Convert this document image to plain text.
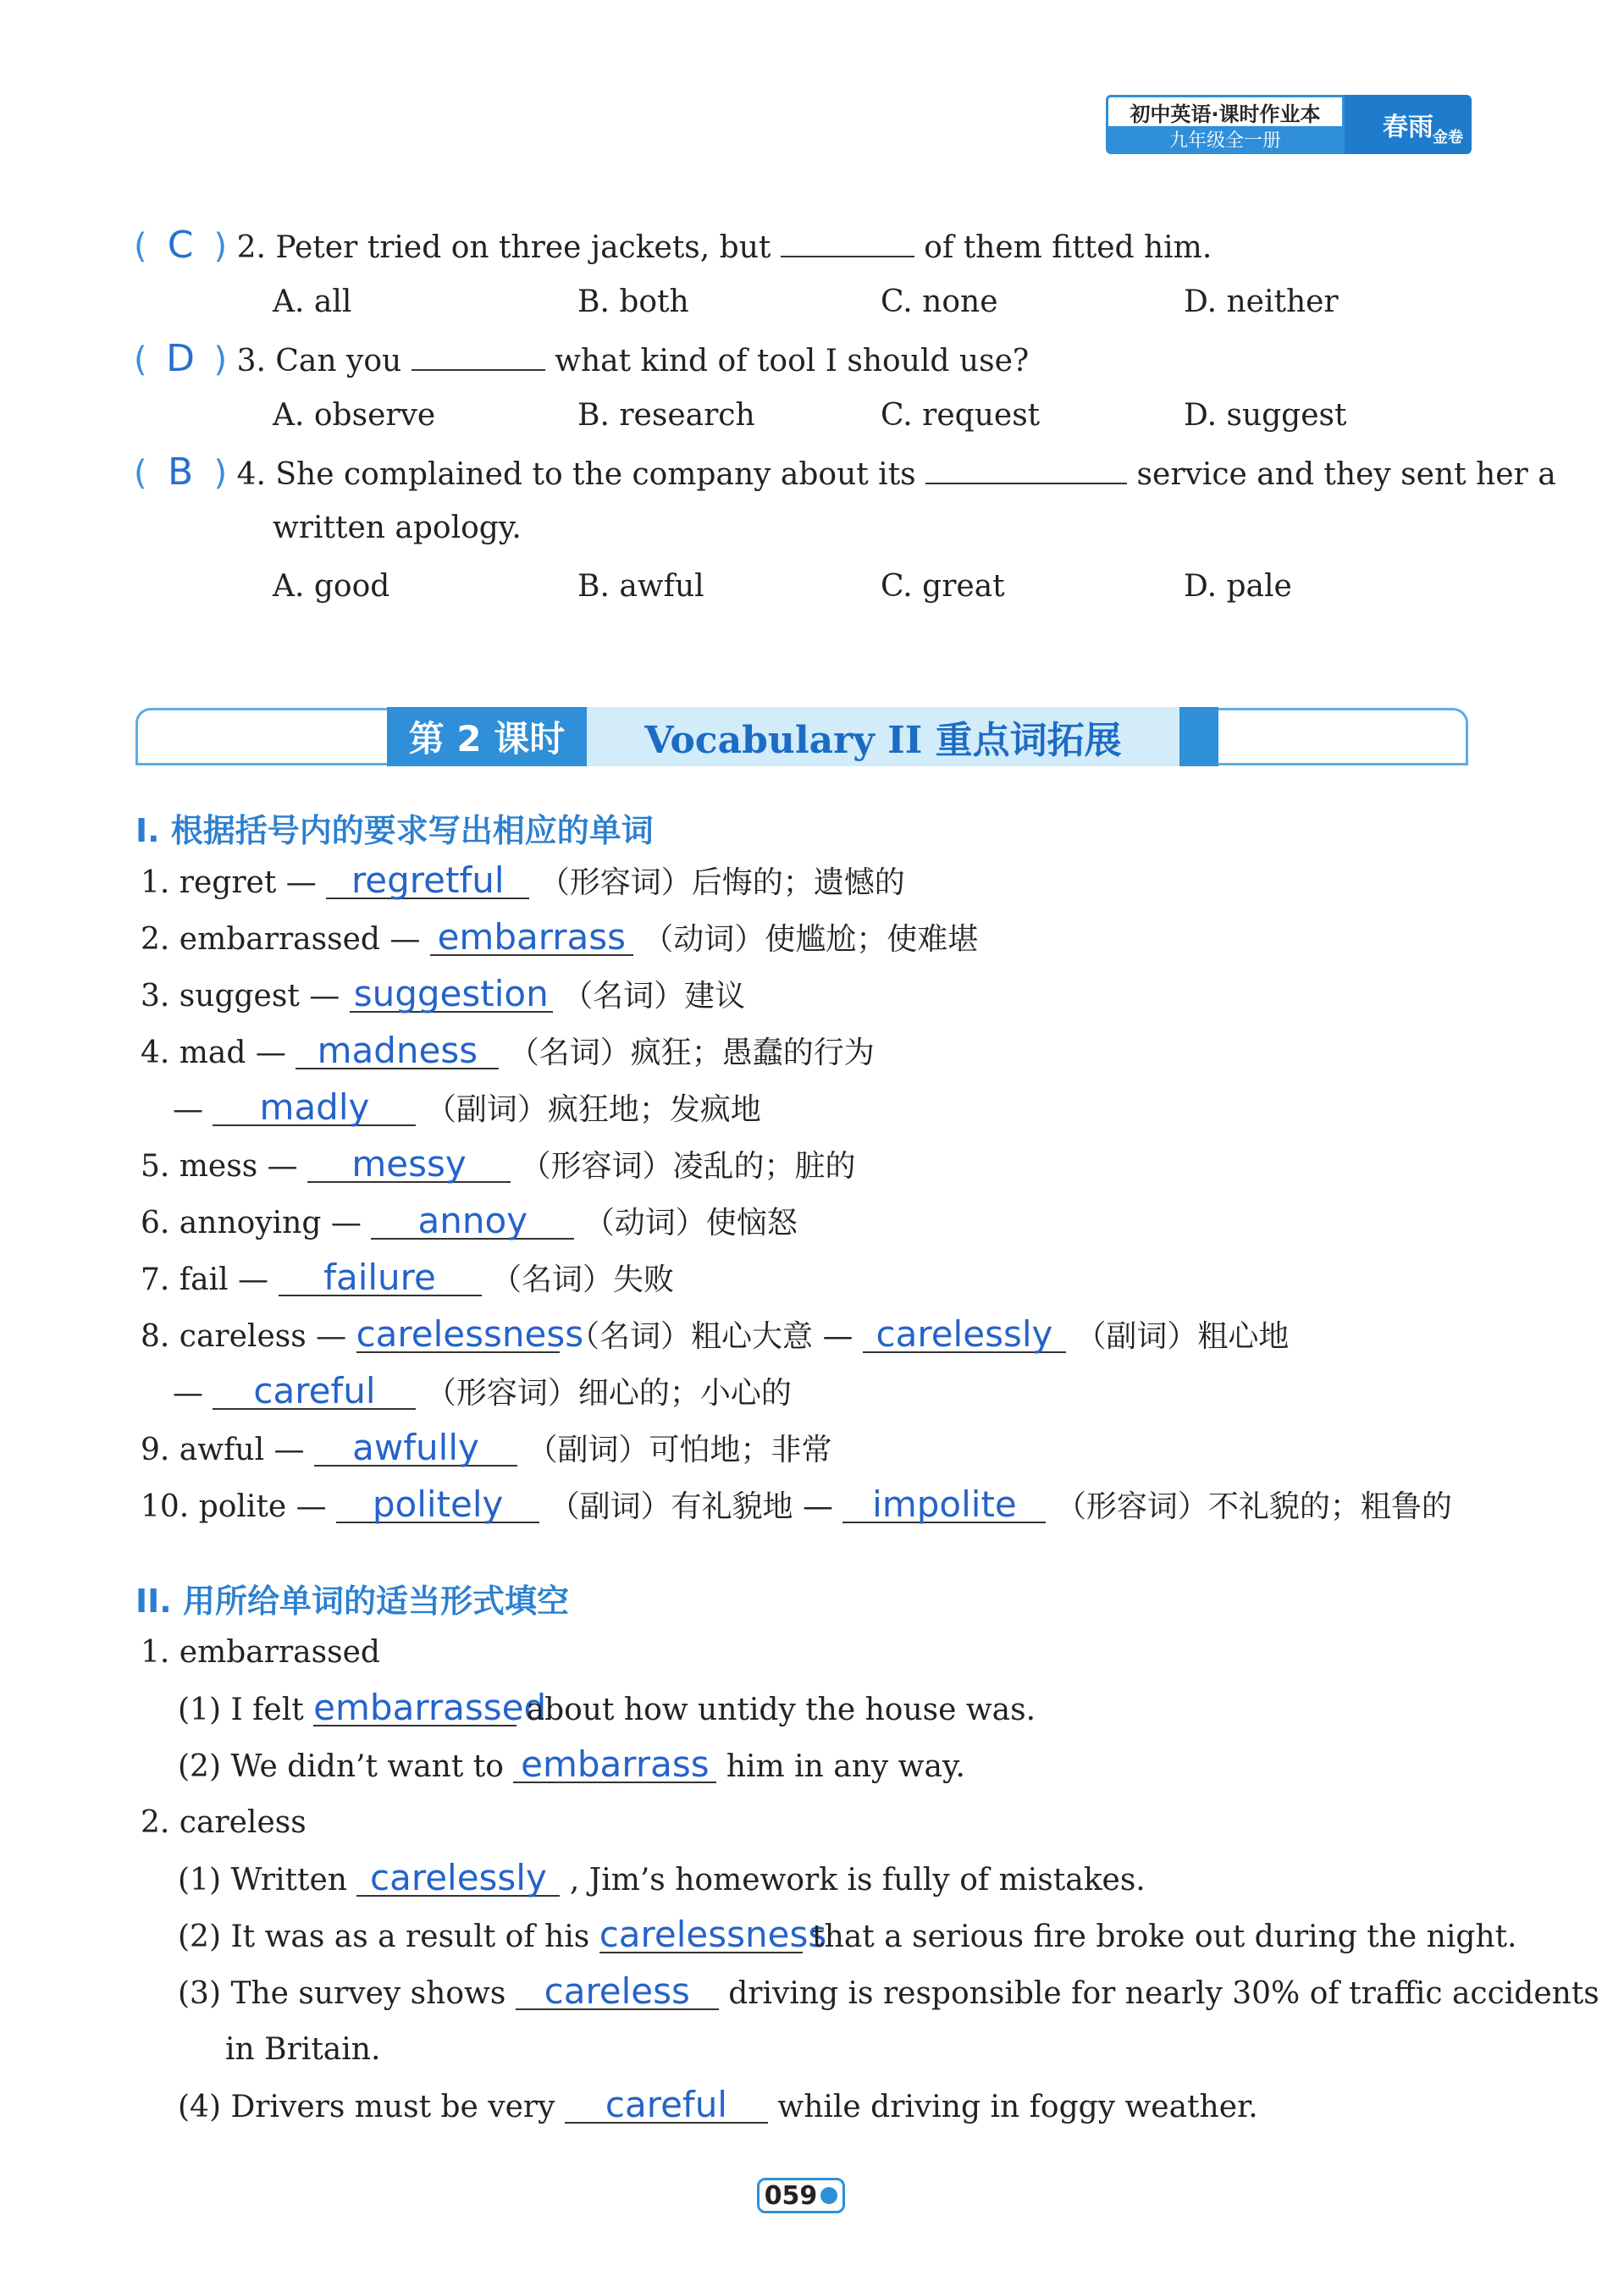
初中英语·课时作业本
九年级全一册	春雨 金卷
( C ) 2. Peter tried on three jackets, but	of them fitted him.
A. all	B. both	C. none	D. neither
( D ) 3. Can you	what kind of tool I should use?
A. observe	B. research	C. request	D. suggest
( B ) 4. She complained to the company about its	service and they sent her a
written apology.
A. good	B. awful	C. great	D. pale
第 2 课时	Vocabulary II 重点词拓展
I. 根据括号内的要求写出相应的单词
1. regret — regretful （形容词）后悔的；遗憾的
2. embarrassed — embarrass （动词）使尴尬；使难堪
3. suggest — suggestion （名词）建议
4. mad — madness （名词）疯狂；愚蠢的行为
— madly （副词）疯狂地；发疯地
5. mess — messy （形容词）凌乱的；脏的
6. annoying — annoy （动词）使恼怒
7. fail — failure （名词）失败
8. careless — carelessness （名词）粗心大意 — carelessly （副词）粗心地
— careful （形容词）细心的；小心的
9. awful — awfully （副词）可怕地；非常
10. polite — politely （副词）有礼貌地 — impolite （形容词）不礼貌的；粗鲁的
II. 用所给单词的适当形式填空
1. embarrassed
(1) I felt embarrassed about how untidy the house was.
(2) We didn’t want to embarrass him in any way.
2. careless
(1) Written carelessly , Jim’s homework is fully of mistakes.
(2) It was as a result of his carelessness that a serious fire broke out during the night.
(3) The survey shows careless driving is responsible for nearly 30% of traffic accidents
in Britain.
(4) Drivers must be very careful while driving in foggy weather.
059
